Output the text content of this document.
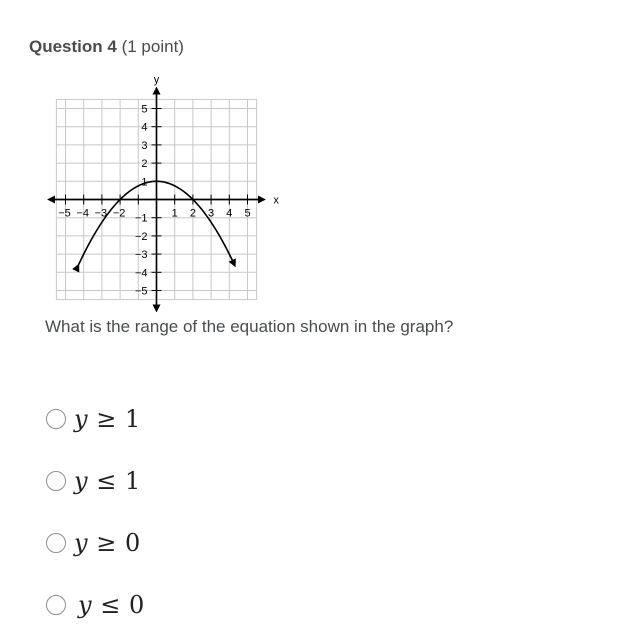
Question 4 (1 point)
−5 −4 −3 −2	1 2 3 4 5
5
4
3
2
1
−1
−2
−3
−4
−5
x
y
What is the range of the equation shown in the graph?
y ≥ 1
y ≤ 1
y ≥ 0
y ≤ 0
